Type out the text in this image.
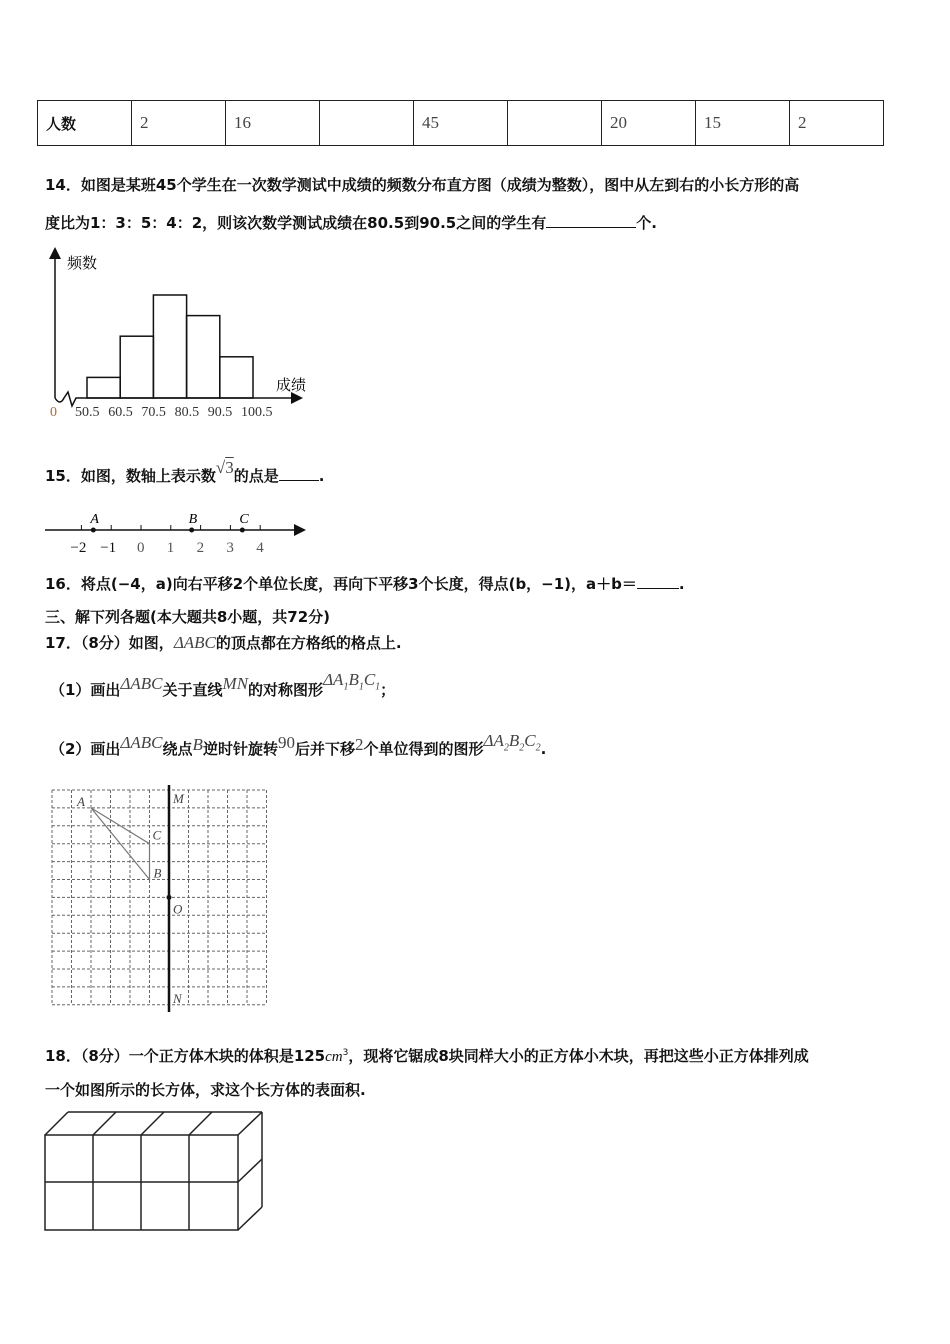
人数	2	16		45		20	15	2
14．如图是某班45个学生在一次数学测试中成绩的频数分布直方图（成绩为整数），图中从左到右的小长方形的高
度比为1：3：5：4：2，则该次数学测试成绩在80.5到90.5之间的学生有	个.
频数
成绩
0 50.5 60.5 70.5 80.5 90.5 100.5
−2 −1 0 1 2 3 4
A	B	C
A
C
B
M
O
N
15．如图，数轴上表示数√3的点是	.
16．将点(−4，a)向右平移2个单位长度，再向下平移3个长度，得点(b，−1)，a＋b＝	.
三、解下列各题(本大题共8小题，共72分)
17．（8分）如图，ΔABC的顶点都在方格纸的格点上.
（1）画出ΔABC关于直线MN的对称图形$\Delta A_1B_1C_1$；
（2）画出ΔABC绕点B逆时针旋转90后并下移2个单位得到的图形$\Delta A_2B_2C_2$.
18．（8分）一个正方体木块的体积是$125cm^3$，现将它锯成8块同样大小的正方体小木块，再把这些小正方体排列成
一个如图所示的长方体，求这个长方体的表面积.
